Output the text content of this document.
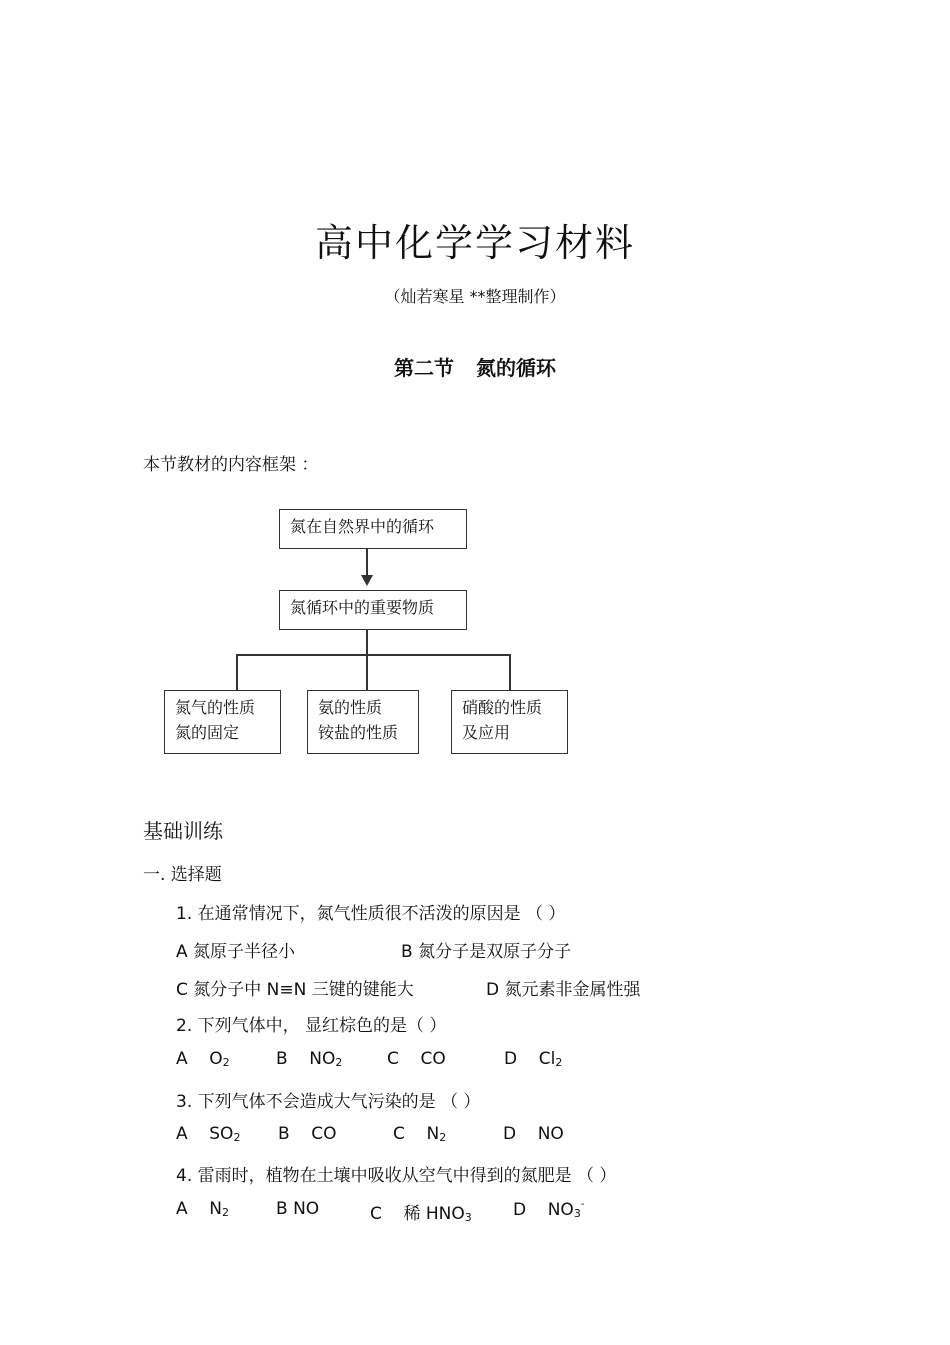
高中化学学习材料
（灿若寒星 **整理制作）
第二节 氮的循环
本节教材的内容框架 ：
氮在自然界中的循环
氮循环中的重要物质
氮气的性质
氮的固定
氨的性质
铵盐的性质
硝酸的性质
及应用
基础训练
一. 选择题
1. 在通常情况下，氮气性质很不活泼的原因是 （ ）
A 氮原子半径小	B 氮分子是双原子分子
C 氮分子中 N≡N 三键的键能大	D 氮元素非金属性强
2. 下列气体中， 显红棕色的是（ ）
A $O_2$	B $NO_2$	C CO	D $Cl_2$
3. 下列气体不会造成大气污染的是 （ ）
A $SO_2$ B CO	C $N_2$	D NO
4. 雷雨时，植物在土壤中吸收从空气中得到的氮肥是 （ ）
A $N_2$	B NO	C 稀 $HNO_3$ D $NO_3^-$
